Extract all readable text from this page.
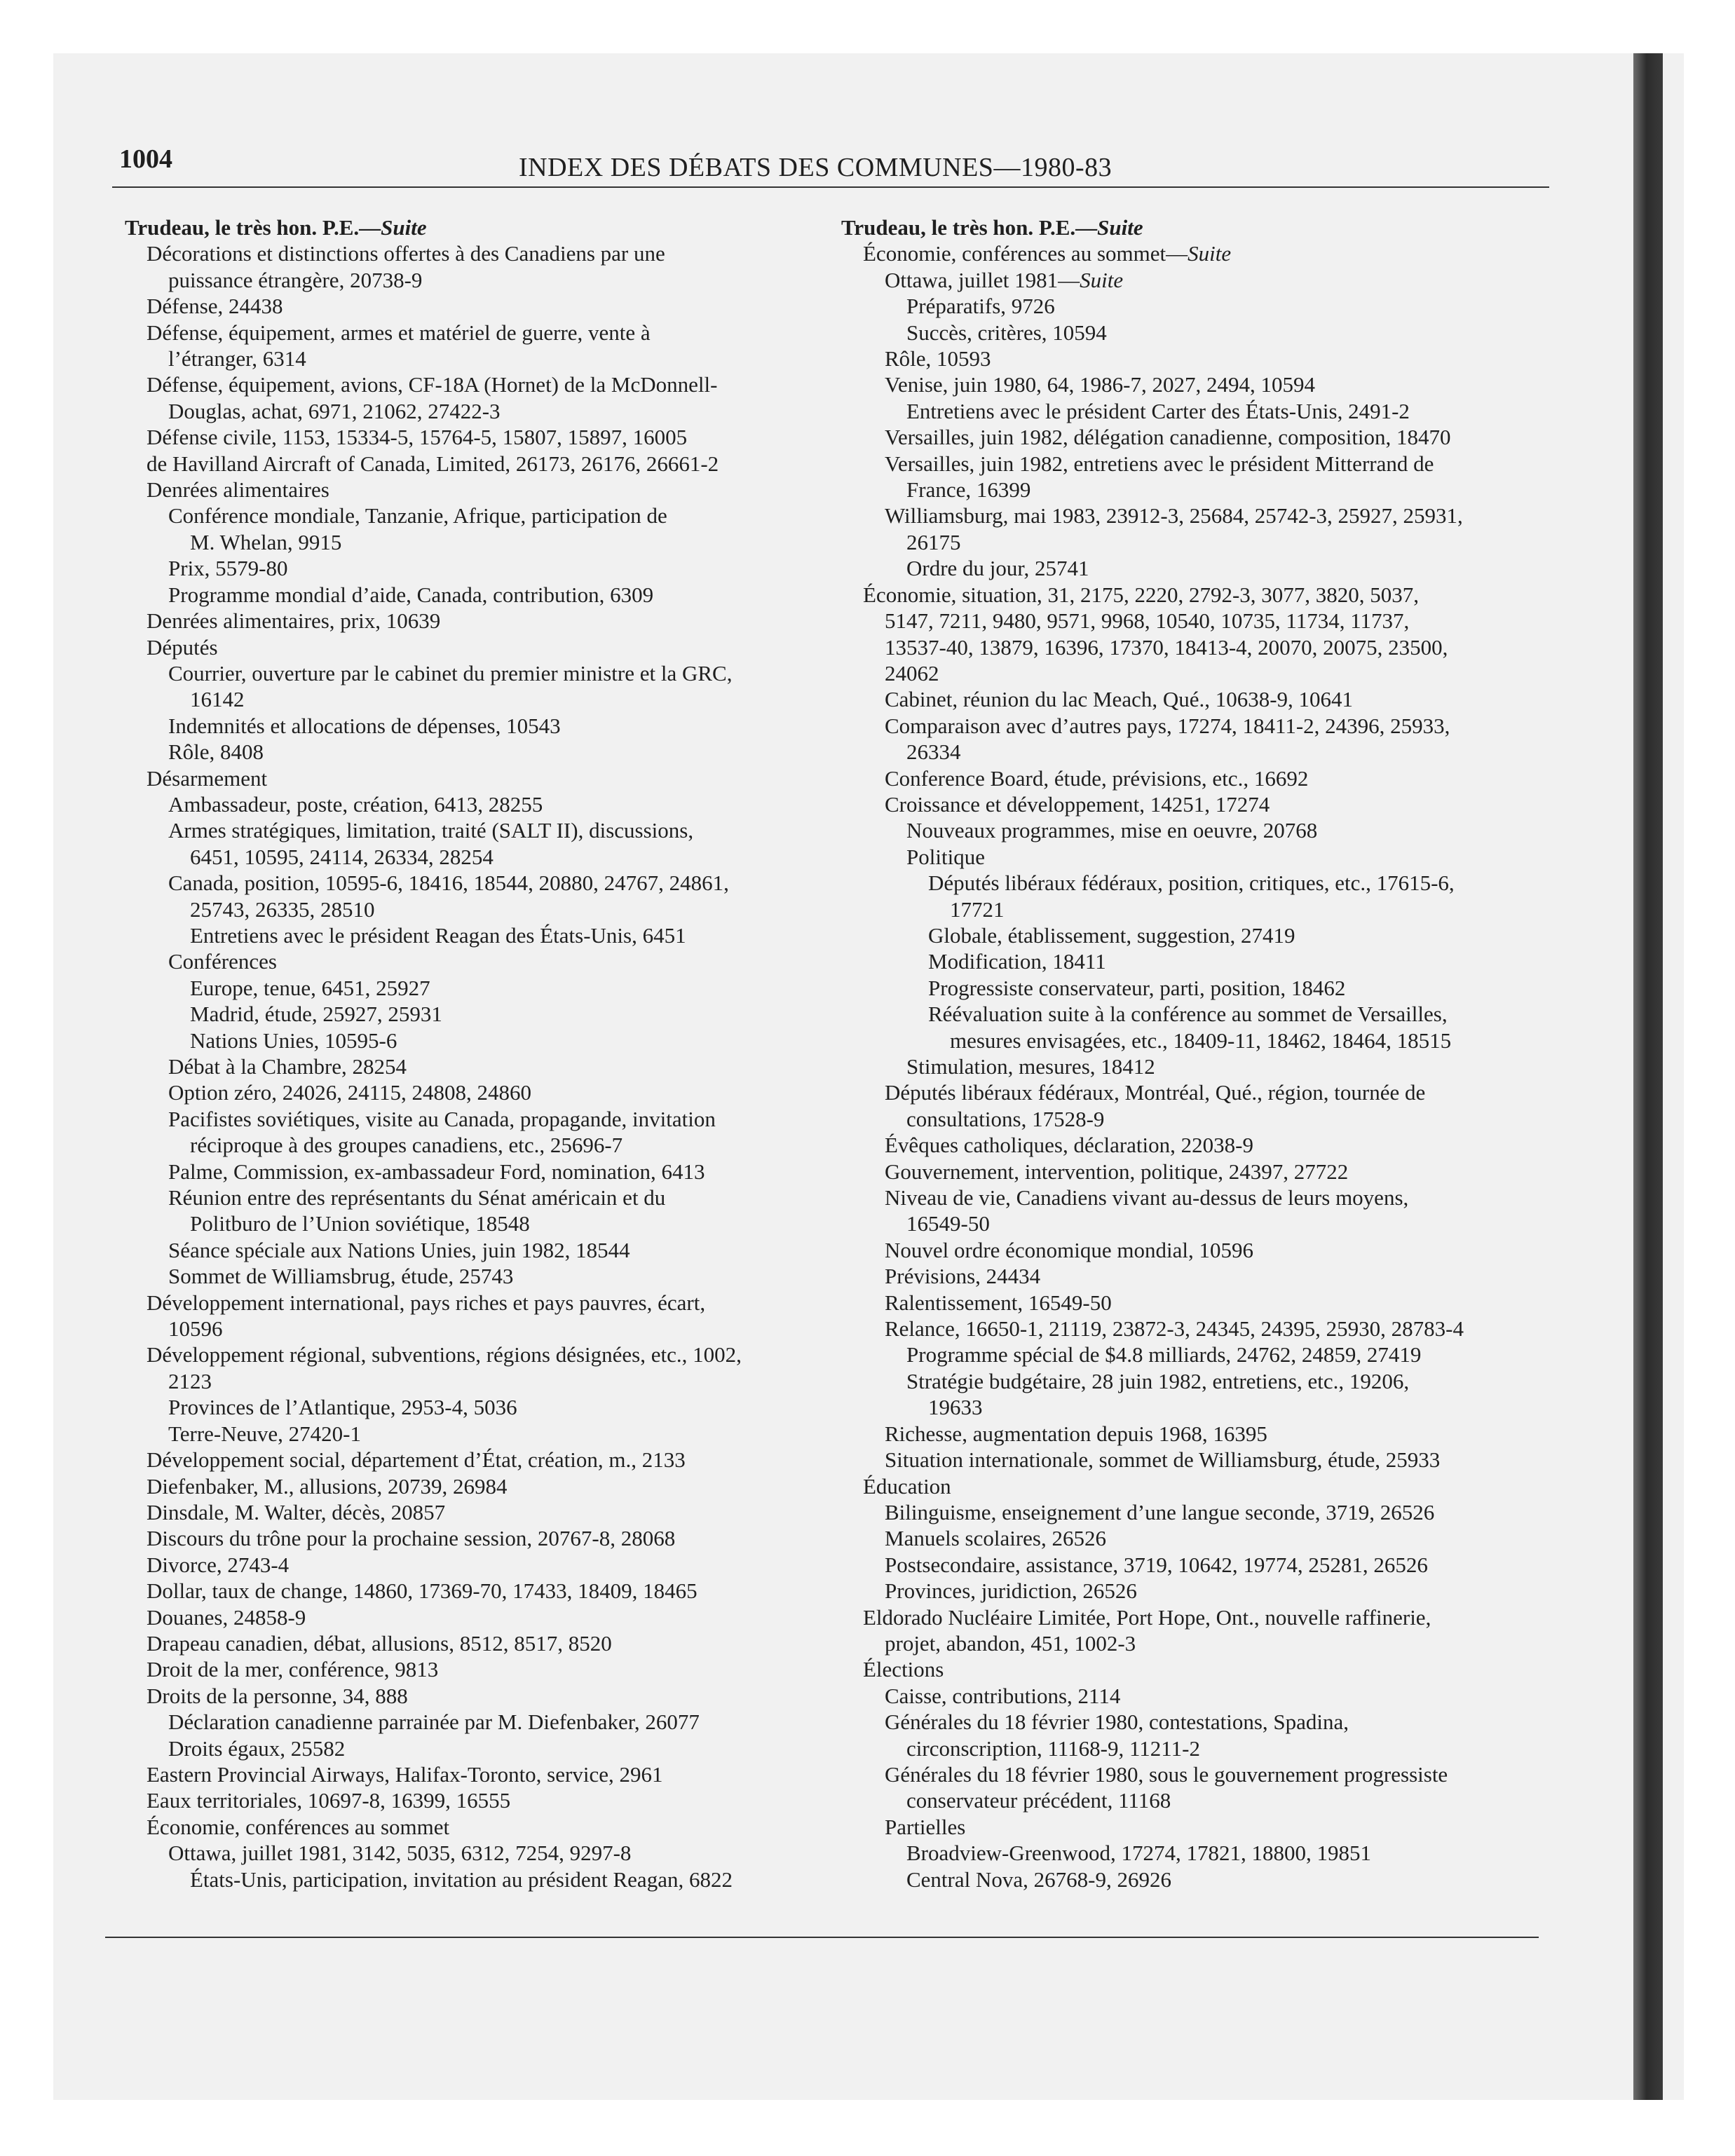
1004	INDEX DES DÉBATS DES COMMUNES—1980-83
Trudeau, le très hon. P.E.—Suite
Décorations et distinctions offertes à des Canadiens par une
puissance étrangère, 20738-9
Défense, 24438
Défense, équipement, armes et matériel de guerre, vente à
l’étranger, 6314
Défense, équipement, avions, CF-18A (Hornet) de la McDonnell-
Douglas, achat, 6971, 21062, 27422-3
Défense civile, 1153, 15334-5, 15764-5, 15807, 15897, 16005
de Havilland Aircraft of Canada, Limited, 26173, 26176, 26661-2
Denrées alimentaires
Conférence mondiale, Tanzanie, Afrique, participation de
M. Whelan, 9915
Prix, 5579-80
Programme mondial d’aide, Canada, contribution, 6309
Denrées alimentaires, prix, 10639
Députés
Courrier, ouverture par le cabinet du premier ministre et la GRC,
16142
Indemnités et allocations de dépenses, 10543
Rôle, 8408
Désarmement
Ambassadeur, poste, création, 6413, 28255
Armes stratégiques, limitation, traité (SALT II), discussions,
6451, 10595, 24114, 26334, 28254
Canada, position, 10595-6, 18416, 18544, 20880, 24767, 24861,
25743, 26335, 28510
Entretiens avec le président Reagan des États-Unis, 6451
Conférences
Europe, tenue, 6451, 25927
Madrid, étude, 25927, 25931
Nations Unies, 10595-6
Débat à la Chambre, 28254
Option zéro, 24026, 24115, 24808, 24860
Pacifistes soviétiques, visite au Canada, propagande, invitation
réciproque à des groupes canadiens, etc., 25696-7
Palme, Commission, ex-ambassadeur Ford, nomination, 6413
Réunion entre des représentants du Sénat américain et du
Politburo de l’Union soviétique, 18548
Séance spéciale aux Nations Unies, juin 1982, 18544
Sommet de Williamsbrug, étude, 25743
Développement international, pays riches et pays pauvres, écart,
10596
Développement régional, subventions, régions désignées, etc., 1002,
2123
Provinces de l’Atlantique, 2953-4, 5036
Terre-Neuve, 27420-1
Développement social, département d’État, création, m., 2133
Diefenbaker, M., allusions, 20739, 26984
Dinsdale, M. Walter, décès, 20857
Discours du trône pour la prochaine session, 20767-8, 28068
Divorce, 2743-4
Dollar, taux de change, 14860, 17369-70, 17433, 18409, 18465
Douanes, 24858-9
Drapeau canadien, débat, allusions, 8512, 8517, 8520
Droit de la mer, conférence, 9813
Droits de la personne, 34, 888
Déclaration canadienne parrainée par M. Diefenbaker, 26077
Droits égaux, 25582
Eastern Provincial Airways, Halifax-Toronto, service, 2961
Eaux territoriales, 10697-8, 16399, 16555
Économie, conférences au sommet
Ottawa, juillet 1981, 3142, 5035, 6312, 7254, 9297-8
États-Unis, participation, invitation au président Reagan, 6822
Trudeau, le très hon. P.E.—Suite
Économie, conférences au sommet—Suite
Ottawa, juillet 1981—Suite
Préparatifs, 9726
Succès, critères, 10594
Rôle, 10593
Venise, juin 1980, 64, 1986-7, 2027, 2494, 10594
Entretiens avec le président Carter des États-Unis, 2491-2
Versailles, juin 1982, délégation canadienne, composition, 18470
Versailles, juin 1982, entretiens avec le président Mitterrand de
France, 16399
Williamsburg, mai 1983, 23912-3, 25684, 25742-3, 25927, 25931,
26175
Ordre du jour, 25741
Économie, situation, 31, 2175, 2220, 2792-3, 3077, 3820, 5037,
5147, 7211, 9480, 9571, 9968, 10540, 10735, 11734, 11737,
13537-40, 13879, 16396, 17370, 18413-4, 20070, 20075, 23500,
24062
Cabinet, réunion du lac Meach, Qué., 10638-9, 10641
Comparaison avec d’autres pays, 17274, 18411-2, 24396, 25933,
26334
Conference Board, étude, prévisions, etc., 16692
Croissance et développement, 14251, 17274
Nouveaux programmes, mise en oeuvre, 20768
Politique
Députés libéraux fédéraux, position, critiques, etc., 17615-6,
17721
Globale, établissement, suggestion, 27419
Modification, 18411
Progressiste conservateur, parti, position, 18462
Réévaluation suite à la conférence au sommet de Versailles,
mesures envisagées, etc., 18409-11, 18462, 18464, 18515
Stimulation, mesures, 18412
Députés libéraux fédéraux, Montréal, Qué., région, tournée de
consultations, 17528-9
Évêques catholiques, déclaration, 22038-9
Gouvernement, intervention, politique, 24397, 27722
Niveau de vie, Canadiens vivant au-dessus de leurs moyens,
16549-50
Nouvel ordre économique mondial, 10596
Prévisions, 24434
Ralentissement, 16549-50
Relance, 16650-1, 21119, 23872-3, 24345, 24395, 25930, 28783-4
Programme spécial de $4.8 milliards, 24762, 24859, 27419
Stratégie budgétaire, 28 juin 1982, entretiens, etc., 19206,
19633
Richesse, augmentation depuis 1968, 16395
Situation internationale, sommet de Williamsburg, étude, 25933
Éducation
Bilinguisme, enseignement d’une langue seconde, 3719, 26526
Manuels scolaires, 26526
Postsecondaire, assistance, 3719, 10642, 19774, 25281, 26526
Provinces, juridiction, 26526
Eldorado Nucléaire Limitée, Port Hope, Ont., nouvelle raffinerie,
projet, abandon, 451, 1002-3
Élections
Caisse, contributions, 2114
Générales du 18 février 1980, contestations, Spadina,
circonscription, 11168-9, 11211-2
Générales du 18 février 1980, sous le gouvernement progressiste
conservateur précédent, 11168
Partielles
Broadview-Greenwood, 17274, 17821, 18800, 19851
Central Nova, 26768-9, 26926
